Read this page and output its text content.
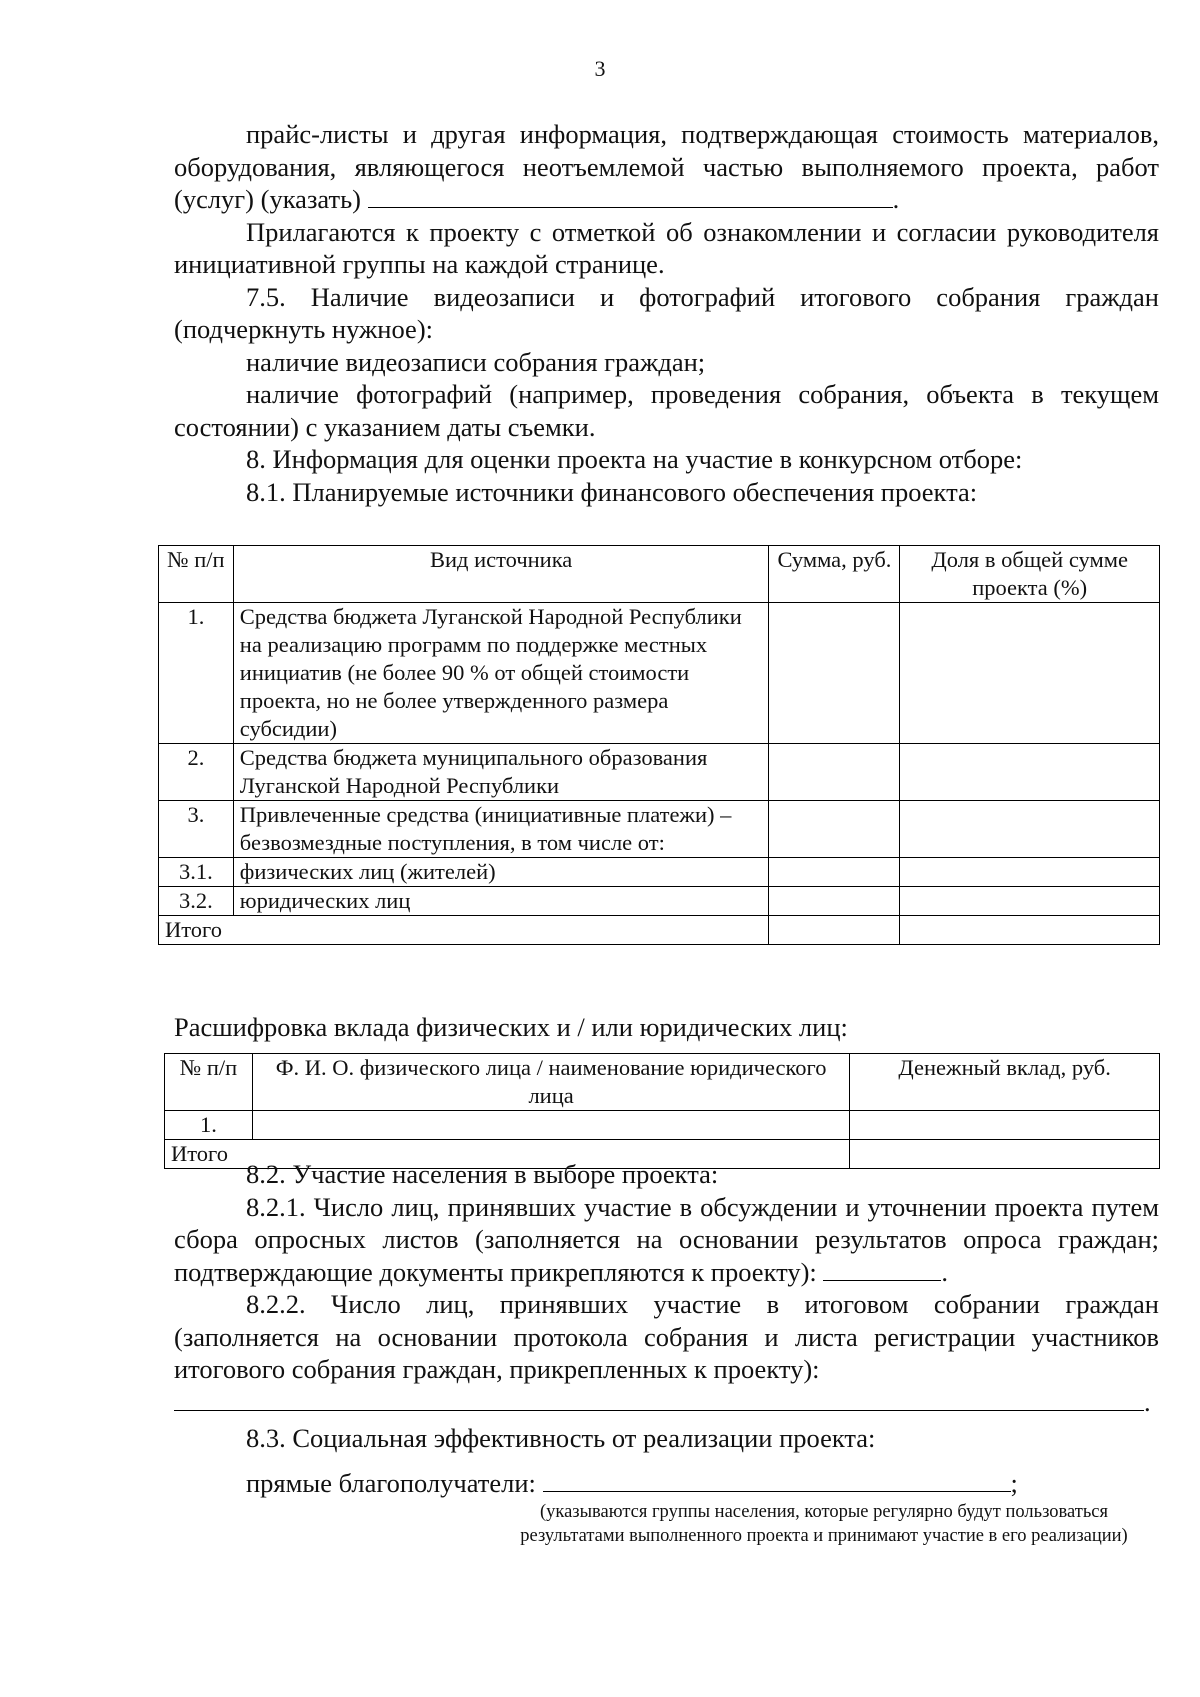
3

прайс-листы и другая информация, подтверждающая стоимость материалов, оборудования, являющегося неотъемлемой частью выполняемого проекта, работ (услуг) (указать)	.

Прилагаются к проекту с отметкой об ознакомлении и согласии руководителя инициативной группы на каждой странице.

7.5. Наличие видеозаписи и фотографий итогового собрания граждан (подчеркнуть нужное):

наличие видеозаписи собрания граждан;

наличие фотографий (например, проведения собрания, объекта в текущем состоянии) с указанием даты съемки.

8. Информация для оценки проекта на участие в конкурсном отборе:

8.1. Планируемые источники финансового обеспечения проекта:

№ п/п	Вид источника	Сумма, руб.	Доля в общей сумме проекта (%)
1.	Средства бюджета Луганской Народной Республики на реализацию программ по поддержке местных инициатив (не более 90 % от общей стоимости проекта, но не более утвержденного размера субсидии)		
2.	Средства бюджета муниципального образования Луганской Народной Республики		
3.	Привлеченные средства (инициативные платежи) – безвозмездные поступления, в том числе от:		
3.1.	физических лиц (жителей)		
3.2.	юридических лиц		
Итого			
Расшифровка вклада физических и / или юридических лиц:
№ п/п	Ф. И. О. физического лица / наименование юридического лица	Денежный вклад, руб.
1.		
Итого		

8.2. Участие населения в выборе проекта:

8.2.1. Число лиц, принявших участие в обсуждении и уточнении проекта путем сбора опросных листов (заполняется на основании результатов опроса граждан; подтверждающие документы прикрепляются к проекту):	.

8.2.2. Число лиц, принявших участие в итоговом собрании граждан (заполняется на основании протокола собрания и листа регистрации участников итогового собрания граждан, прикрепленных к проекту):

.

8.3. Социальная эффективность от реализации проекта:

прямые благополучатели:	;

(указываются группы населения, которые регулярно будут пользоваться результатами выполненного проекта и принимают участие в его реализации)
